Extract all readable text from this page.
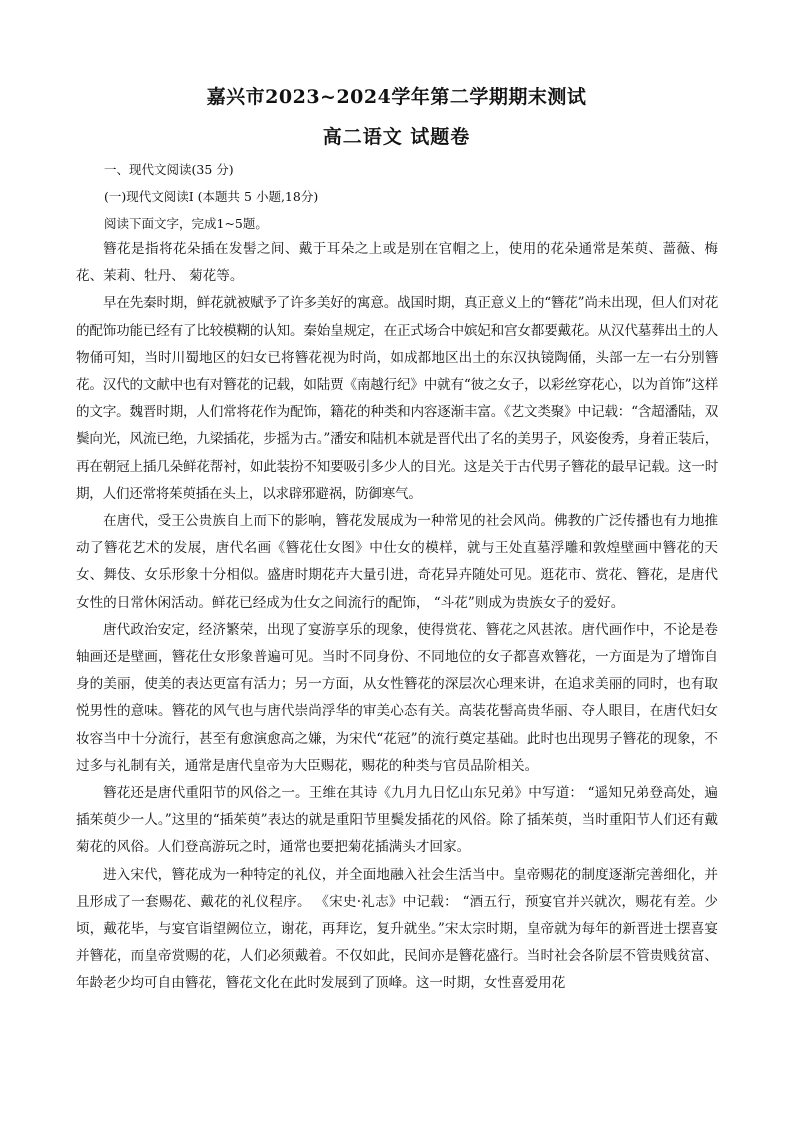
嘉兴市2023~2024学年第二学期期末测试
高二语文 试题卷
一、现代文阅读(35 分)
(一)现代文阅读Ⅰ (本题共 5 小题,18分)
阅读下面文字，完成1~5题。

簪花是指将花朵插在发髻之间、戴于耳朵之上或是别在官帽之上，使用的花朵通常是茱萸、蔷薇、梅花、茉莉、牡丹、 菊花等。

早在先秦时期，鲜花就被赋予了许多美好的寓意。战国时期，真正意义上的“簪花”尚未出现，但人们对花的配饰功能已经有了比较模糊的认知。秦始皇规定，在正式场合中嫔妃和宫女都要戴花。从汉代墓葬出土的人物俑可知，当时川蜀地区的妇女已将簪花视为时尚，如成都地区出土的东汉执镜陶俑，头部一左一右分别簪花。汉代的文献中也有对簪花的记载，如陆贾《南越行纪》中就有“彼之女子，以彩丝穿花心，以为首饰”这样的文字。魏晋时期，人们常将花作为配饰，籍花的种类和内容逐渐丰富。《艺文类聚》中记载：“含超潘陆，双鬓向光，风流已绝，九梁插花，步摇为古。”潘安和陆机本就是晋代出了名的美男子，风姿俊秀，身着正装后，再在朝冠上插几朵鲜花帮衬，如此装扮不知要吸引多少人的目光。这是关于古代男子簪花的最早记载。这一时期，人们还常将茱萸插在头上，以求辟邪避祸，防御寒气。

在唐代，受王公贵族自上而下的影响，簪花发展成为一种常见的社会风尚。佛教的广泛传播也有力地推动了簪花艺术的发展，唐代名画《簪花仕女图》中仕女的模样，就与王处直墓浮雕和敦煌壁画中簪花的天女、舞伎、女乐形象十分相似。盛唐时期花卉大量引进，奇花异卉随处可见。逛花市、赏花、簪花，是唐代女性的日常休闲活动。鲜花已经成为仕女之间流行的配饰， “斗花”则成为贵族女子的爱好。

唐代政治安定，经济繁荣，出现了宴游享乐的现象，使得赏花、簪花之风甚浓。唐代画作中，不论是卷轴画还是壁画，簪花仕女形象普遍可见。当时不同身份、不同地位的女子都喜欢簪花，一方面是为了增饰自身的美丽，使美的表达更富有活力；另一方面，从女性簪花的深层次心理来讲，在追求美丽的同时，也有取悦男性的意味。簪花的风气也与唐代崇尚浮华的审美心态有关。高装花髻高贵华丽、夺人眼目，在唐代妇女妆容当中十分流行，甚至有愈演愈高之嫌，为宋代“花冠”的流行奠定基础。此时也出现男子簪花的现象，不过多与礼制有关，通常是唐代皇帝为大臣赐花，赐花的种类与官员品阶相关。

簪花还是唐代重阳节的风俗之一。王维在其诗《九月九日忆山东兄弟》中写道： “遥知兄弟登高处，遍插茱萸少一人。”这里的“插茱萸”表达的就是重阳节里鬓发插花的风俗。除了插茱萸，当时重阳节人们还有戴菊花的风俗。人们登高游玩之时，通常也要把菊花插满头才回家。

进入宋代，簪花成为一种特定的礼仪，并全面地融入社会生活当中。皇帝赐花的制度逐渐完善细化，并且形成了一套赐花、戴花的礼仪程序。 《宋史·礼志》中记载： “酒五行，预宴官并兴就次，赐花有差。少顷，戴花毕，与宴官诣望阙位立，谢花，再拜讫，复升就坐。”宋太宗时期，皇帝就为每年的新晋进士摆喜宴并簪花，而皇帝赏赐的花，人们必须戴着。不仅如此，民间亦是簪花盛行。当时社会各阶层不管贵贱贫富、年龄老少均可自由簪花，簪花文化在此时发展到了顶峰。这一时期，女性喜爱用花
